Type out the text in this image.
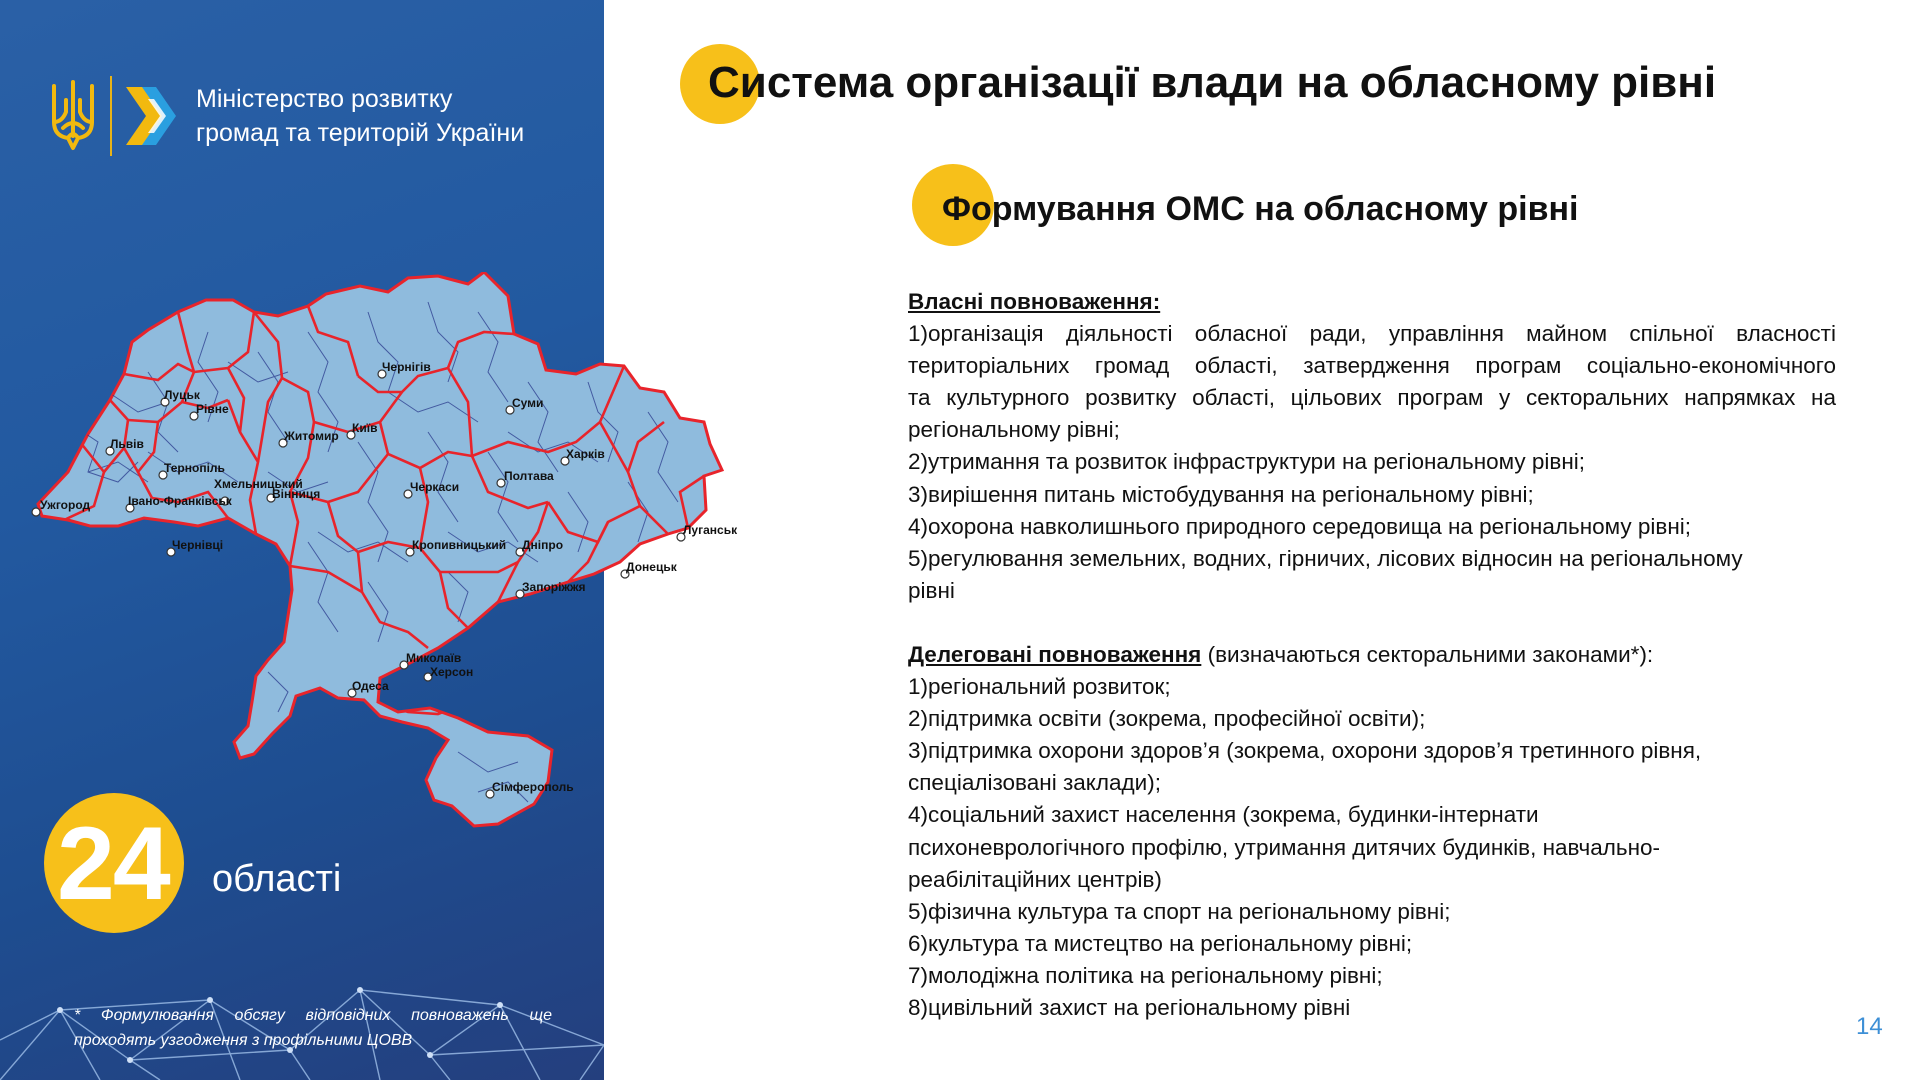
Міністерство розвитку
громад та територій України
* Формулювання обсягу відповідних повноважень ще проходять узгодження з профільними ЦОВВ
Ужгород
Львів
Луцьк
Рівне
Тернопіль
Івано-Франківськ
Чернівці
Хмельницький
Вінниця
Житомир
Київ
Чернігів
Суми
Харків
Полтава
Черкаси
Кропивницький Дніпро
Луганськ
Донецьк
Запоріжжя
Миколаїв
Херсон
Одеса
Сімферополь
24 області
Система організації влади на обласному рівні
Формування ОМС на обласному рівні
Власні повноваження:
1)організація діяльності обласної ради, управління майном спільної власності
територіальних громад області, затвердження програм соціально-економічного
та культурного розвитку області, цільових програм у секторальних напрямках на
регіональному рівні;
2)утримання та розвиток інфраструктури на регіональному рівні;
3)вирішення питань містобудування на регіональному рівні;
4)охорона навколишнього природного середовища на регіональному рівні;
5)регулювання земельних, водних, гірничих, лісових відносин на регіональному
рівні
Делеговані повноваження (визначаються секторальними законами*):
1)регіональний розвиток;
2)підтримка освіти (зокрема, професійної освіти);
3)підтримка охорони здоров’я (зокрема, охорони здоров’я третинного рівня,
спеціалізовані заклади);
4)соціальний захист населення (зокрема, будинки-інтернати
психоневрологічного профілю, утримання дитячих будинків, навчально-
реабілітаційних центрів)
5)фізична культура та спорт на регіональному рівні;
6)культура та мистецтво на регіональному рівні;
7)молодіжна політика на регіональному рівні;
8)цивільний захист на регіональному рівні
14
